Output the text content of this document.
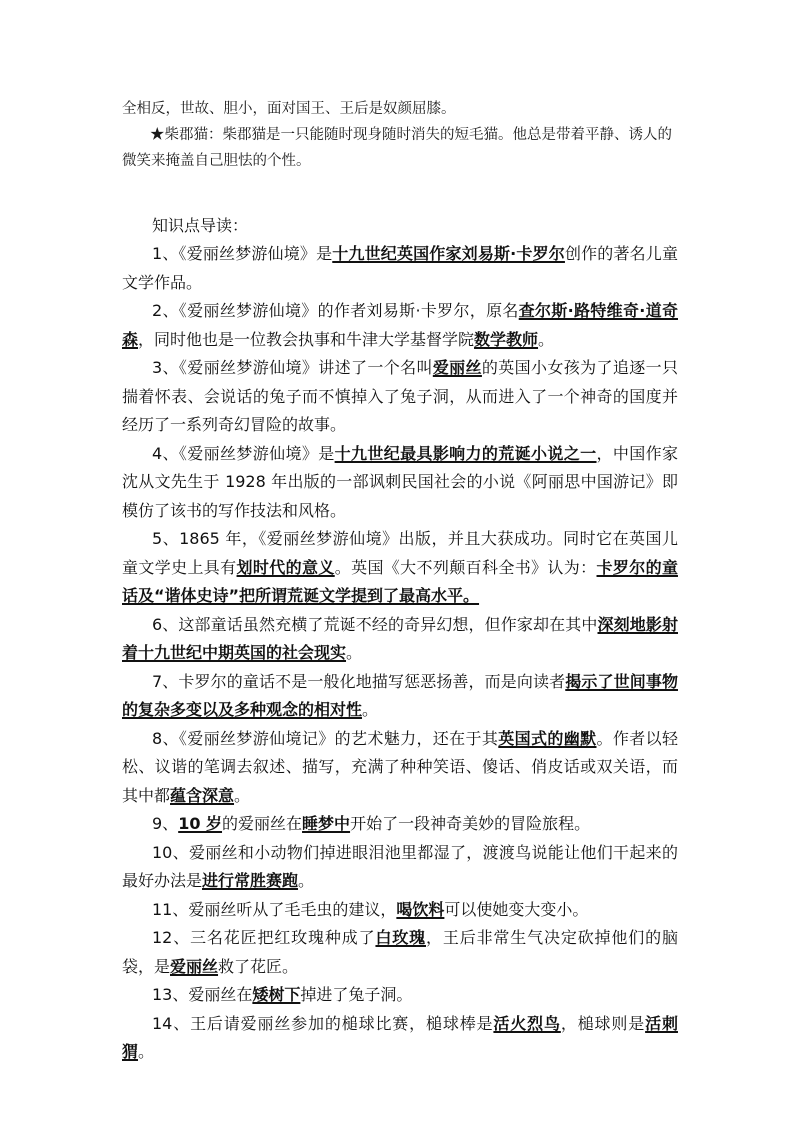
全相反，世故、胆小，面对国王、王后是奴颜屈膝。

★柴郡猫：柴郡猫是一只能随时现身随时消失的短毛猫。他总是带着平静、诱人的微笑来掩盖自己胆怯的个性。

知识点导读：

1、《爱丽丝梦游仙境》是十九世纪英国作家刘易斯·卡罗尔创作的著名儿童文学作品。

2、《爱丽丝梦游仙境》的作者刘易斯·卡罗尔，原名查尔斯·路特维奇·道奇森，同时他也是一位教会执事和牛津大学基督学院数学教师。

3、《爱丽丝梦游仙境》讲述了一个名叫爱丽丝的英国小女孩为了追逐一只揣着怀表、会说话的兔子而不慎掉入了兔子洞，从而进入了一个神奇的国度并经历了一系列奇幻冒险的故事。

4、《爱丽丝梦游仙境》是十九世纪最具影响力的荒诞小说之一，中国作家沈从文先生于 1928 年出版的一部讽刺民国社会的小说《阿丽思中国游记》即模仿了该书的写作技法和风格。

5、1865 年，《爱丽丝梦游仙境》出版，并且大获成功。同时它在英国儿童文学史上具有划时代的意义。英国《大不列颠百科全书》认为：卡罗尔的童话及“谐体史诗”把所谓荒诞文学提到了最高水平。

6、这部童话虽然充横了荒诞不经的奇异幻想，但作家却在其中深刻地影射着十九世纪中期英国的社会现实。

7、卡罗尔的童话不是一般化地描写惩恶扬善，而是向读者揭示了世间事物的复杂多变以及多种观念的相对性。

8、《爱丽丝梦游仙境记》的艺术魅力，还在于其英国式的幽默。作者以轻松、议谐的笔调去叙述、描写，充满了种种笑语、傻话、俏皮话或双关语，而其中都蕴含深意。

9、10 岁的爱丽丝在睡梦中开始了一段神奇美妙的冒险旅程。

10、爱丽丝和小动物们掉进眼泪池里都湿了，渡渡鸟说能让他们干起来的最好办法是进行常胜赛跑。

11、爱丽丝听从了毛毛虫的建议，喝饮料可以使她变大变小。

12、三名花匠把红玫瑰种成了白玫瑰，王后非常生气决定砍掉他们的脑袋，是爱丽丝救了花匠。

13、爱丽丝在矮树下掉进了兔子洞。

14、王后请爱丽丝参加的槌球比赛，槌球棒是活火烈鸟，槌球则是活刺猬。
